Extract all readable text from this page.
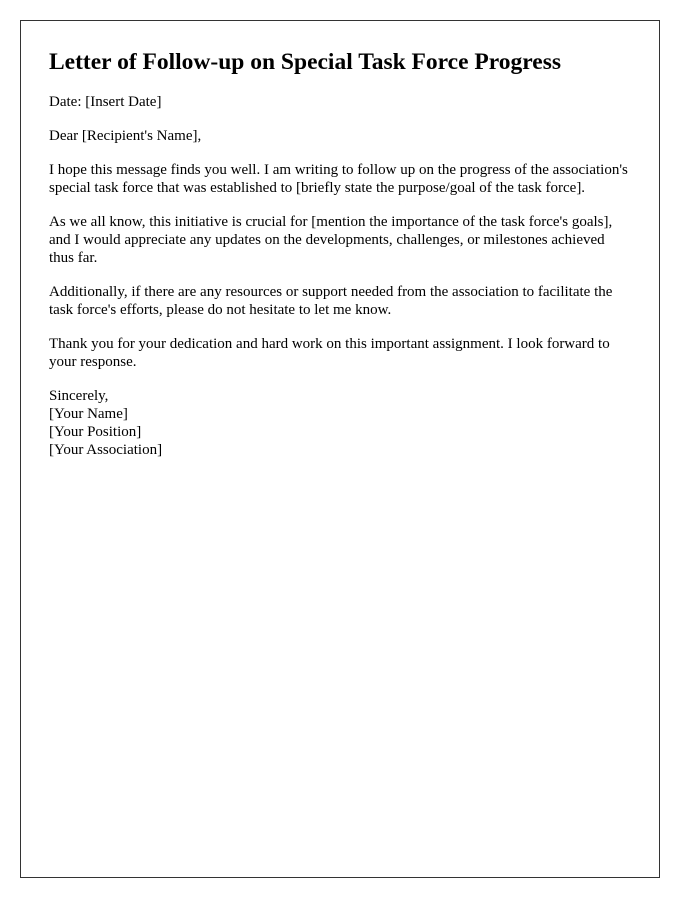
Letter of Follow-up on Special Task Force Progress

Date: [Insert Date]

Dear [Recipient's Name],

I hope this message finds you well. I am writing to follow up on the progress of the association's special task force that was established to [briefly state the purpose/goal of the task force].

As we all know, this initiative is crucial for [mention the importance of the task force's goals], and I would appreciate any updates on the developments, challenges, or milestones achieved thus far.

Additionally, if there are any resources or support needed from the association to facilitate the task force's efforts, please do not hesitate to let me know.

Thank you for your dedication and hard work on this important assignment. I look forward to your response.

Sincerely,
[Your Name]
[Your Position]
[Your Association]
